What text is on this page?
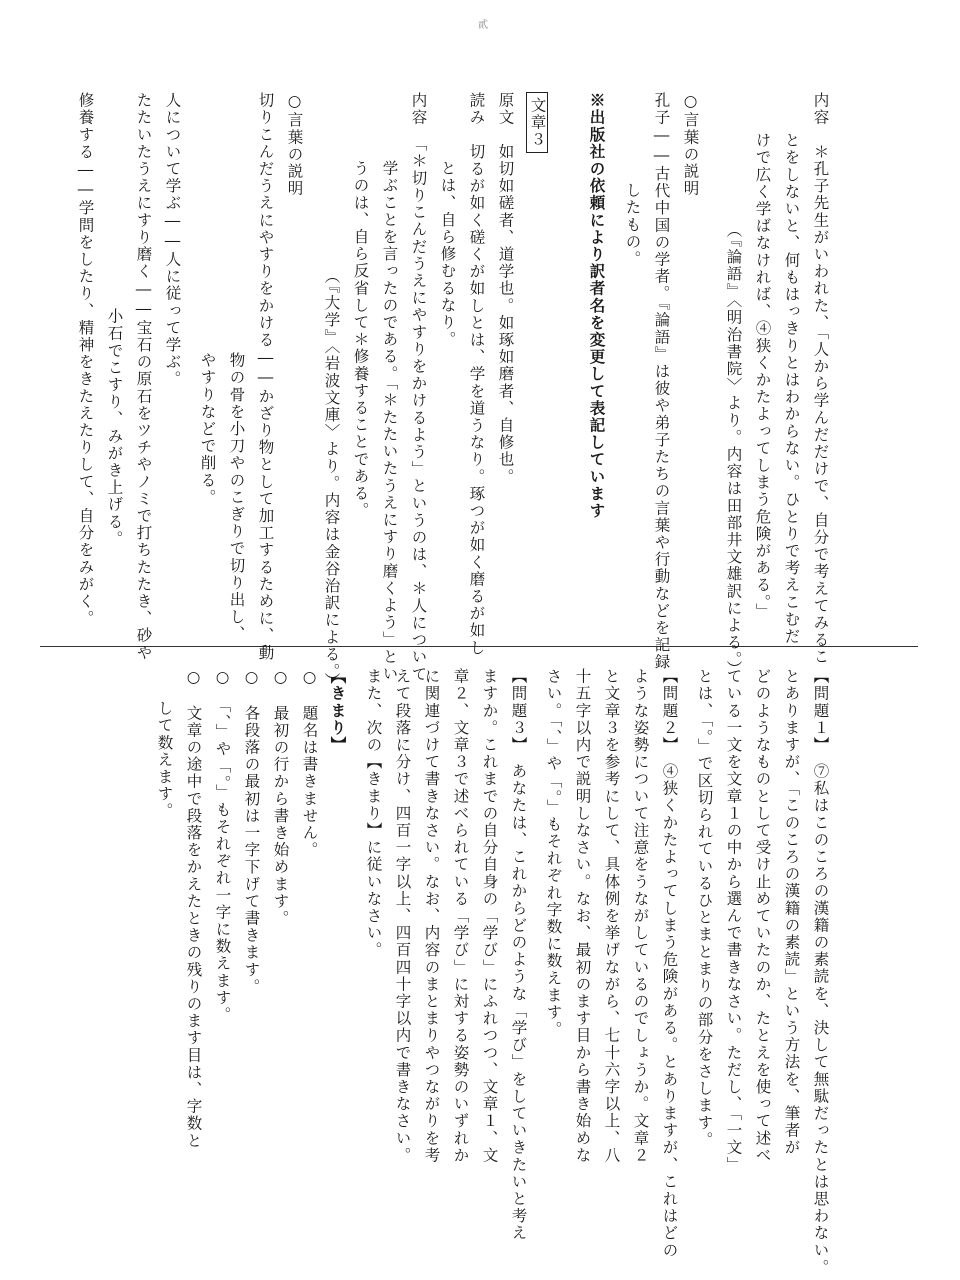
貳
文章３	内容　＊孔子先生がいわれた、「人から学んだだけで、自分で考えてみるこ
とをしないと、何もはっきりとはわからない。ひとりで考えこむだ
けで広く学ばなければ、④狭くかたよってしまう危険がある。」
（『論語』〈明治書院〉より。内容は田部井文雄訳による。）
○言葉の説明
孔子――古代中国の学者。『論語』は彼や弟子たちの言葉や行動などを記録
したもの。
※出版社の依頼により訳者名を変更して表記しています
原文　如切如磋者、道学也。如琢如磨者、自修也。
読み　切るが如く磋くが如しとは、学を道うなり。琢つが如く磨るが如し
とは、自ら修むるなり。
内容　「＊切りこんだうえにやすりをかけるよう」というのは、＊人について
学ぶことを言ったのである。「＊たたいたうえにすり磨くよう」とい
うのは、自ら反省して＊修養することである。
（『大学』〈岩波文庫〉より。内容は金谷治訳による。）
○言葉の説明
切りこんだうえにやすりをかける――かざり物として加工するために、動
物の骨を小刀やのこぎりで切り出し、
やすりなどで削る。
人について学ぶ――人に従って学ぶ。
たたいたうえにすり磨く――宝石の原石をツチやノミで打ちたたき、砂や
小石でこすり、みがき上げる。
修養する――学問をしたり、精神をきたえたりして、自分をみがく。
【問題１】　⑦私はこのころの漢籍の素読を、決して無駄だったとは思わない。
とありますが、「このころの漢籍の素読」という方法を、筆者が
どのようなものとして受け止めていたのか、たとえを使って述べ
ている一文を文章１の中から選んで書きなさい。ただし、「一文」
とは、「。」で区切られているひとまとまりの部分をさします。
【問題２】　④狭くかたよってしまう危険がある。とありますが、これはどの
ような姿勢について注意をうながしているのでしょうか。文章２
と文章３を参考にして、具体例を挙げながら、七十六字以上、八
十五字以内で説明しなさい。なお、最初のます目から書き始めな
さい。「、」や「。」もそれぞれ字数に数えます。
【問題３】　あなたは、これからどのような「学び」をしていきたいと考え
ますか。これまでの自分自身の「学び」にふれつつ、文章１、文
章２、文章３で述べられている「学び」に対する姿勢のいずれか
に関連づけて書きなさい。なお、内容のまとまりやつながりを考
えて段落に分け、四百一字以上、四百四十字以内で書きなさい。
また、次の【きまり】に従いなさい。
【きまり】
○　題名は書きません。
○　最初の行から書き始めます。
○　各段落の最初は一字下げて書きます。
○　「、」や「。」もそれぞれ一字に数えます。
○　文章の途中で段落をかえたときの残りのます目は、字数と
して数えます。
